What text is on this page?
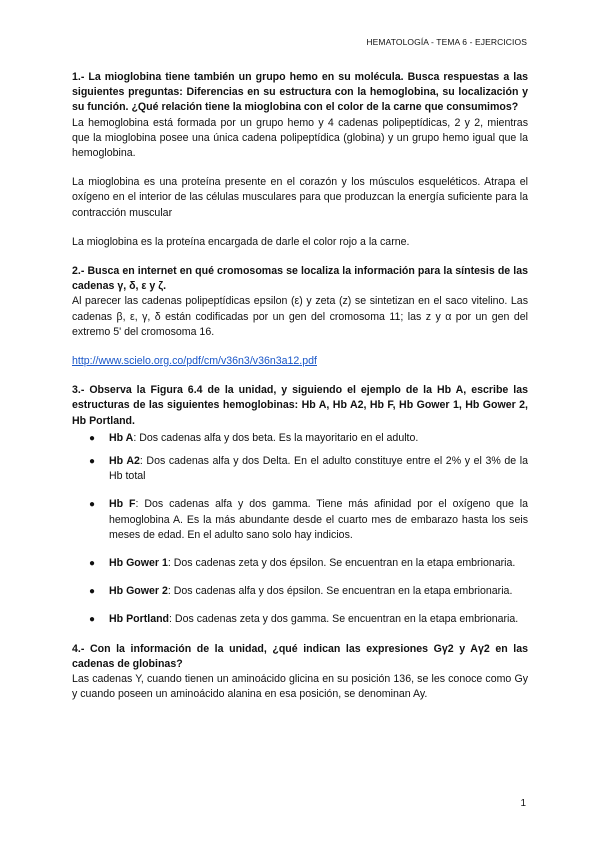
HEMATOLOGÍA - TEMA 6 - EJERCICIOS

1.- La mioglobina tiene también un grupo hemo en su molécula. Busca respuestas a las siguientes preguntas: Diferencias en su estructura con la hemoglobina, su localización y su función. ¿Qué relación tiene la mioglobina con el color de la carne que consumimos?

La hemoglobina está formada por un grupo hemo y 4 cadenas polipeptídicas, 2 y 2, mientras que la mioglobina posee una única cadena polipeptídica (globina) y un grupo hemo igual que la hemoglobina.

La mioglobina es una proteína presente en el corazón y los músculos esqueléticos. Atrapa el oxígeno en el interior de las células musculares para que produzcan la energía suficiente para la contracción muscular

La mioglobina es la proteína encargada de darle el color rojo a la carne.

2.- Busca en internet en qué cromosomas se localiza la información para la síntesis de las cadenas γ, δ, ε y ζ.

Al parecer las cadenas polipeptídicas epsilon (ε) y zeta (z) se sintetizan en el saco vitelino. Las cadenas β, ε, γ, δ están codificadas por un gen del cromosoma 11; las z y α por un gen del extremo 5' del cromosoma 16.

http://www.scielo.org.co/pdf/cm/v36n3/v36n3a12.pdf

3.- Observa la Figura 6.4 de la unidad, y siguiendo el ejemplo de la Hb A, escribe las estructuras de las siguientes hemoglobinas: Hb A, Hb A2, Hb F, Hb Gower 1, Hb Gower 2, Hb Portland.

● Hb A: Dos cadenas alfa y dos beta. Es la mayoritario en el adulto.
● Hb A2: Dos cadenas alfa y dos Delta. En el adulto constituye entre el 2% y el 3% de la Hb total
● Hb F: Dos cadenas alfa y dos gamma. Tiene más afinidad por el oxígeno que la hemoglobina A. Es la más abundante desde el cuarto mes de embarazo hasta los seis meses de edad. En el adulto sano solo hay indicios.
● Hb Gower 1: Dos cadenas zeta y dos épsilon. Se encuentran en la etapa embrionaria.
● Hb Gower 2: Dos cadenas alfa y dos épsilon. Se encuentran en la etapa embrionaria.
● Hb Portland: Dos cadenas zeta y dos gamma. Se encuentran en la etapa embrionaria.

4.- Con la información de la unidad, ¿qué indican las expresiones Gγ2 y Aγ2 en las cadenas de globinas?

Las cadenas Y, cuando tienen un aminoácido glicina en su posición 136, se les conoce como Gy y cuando poseen un aminoácido alanina en esa posición, se denominan Ay.

1
